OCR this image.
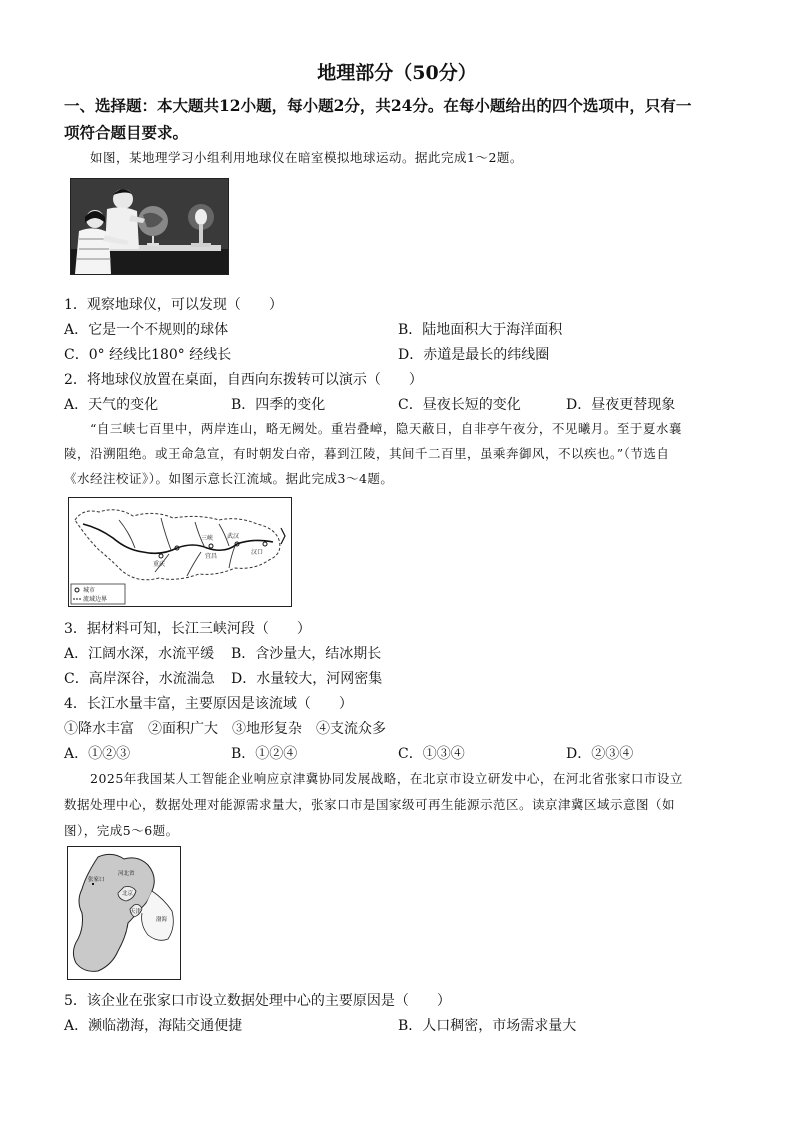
地理部分（50分）
一、选择题：本大题共12小题，每小题2分，共24分。在每小题给出的四个选项中，只有一
项符合题目要求。
如图，某地理学习小组利用地球仪在暗室模拟地球运动。据此完成1～2题。
1．观察地球仪，可以发现（　　）
A．它是一个不规则的球体	B．陆地面积大于海洋面积
C．0° 经线比180° 经线长	D．赤道是最长的纬线圈
2．将地球仪放置在桌面，自西向东拨转可以演示（　　）
A．天气的变化	B．四季的变化	C．昼夜长短的变化	D．昼夜更替现象
“自三峡七百里中，两岸连山，略无阙处。重岩叠嶂，隐天蔽日，自非亭午夜分，不见曦月。至于夏水襄
陵，沿溯阻绝。或王命急宣，有时朝发白帝，暮到江陵，其间千二百里，虽乘奔御风，不以疾也。”（节选自
《水经注校证》）。如图示意长江流域。据此完成3～4题。
三峡 武汉
重庆
宜昌
汉口
城市
流域边界
3．据材料可知，长江三峡河段（　　）
A．江阔水深，水流平缓 B．含沙量大，结冰期长
C．高岸深谷，水流湍急 D．水量较大，河网密集
4．长江水量丰富，主要原因是该流域（　　）
①降水丰富　②面积广大　③地形复杂　④支流众多
A．①②③	B．①②④	C．①③④	D．②③④
2025年我国某人工智能企业响应京津冀协同发展战略，在北京市设立研发中心，在河北省张家口市设立
数据处理中心，数据处理对能源需求量大，张家口市是国家级可再生能源示范区。读京津冀区域示意图（如
图），完成5～6题。
张家口
河北省
北京
天津
渤海
5．该企业在张家口市设立数据处理中心的主要原因是（　　）
A．濒临渤海，海陆交通便捷	B．人口稠密，市场需求量大
